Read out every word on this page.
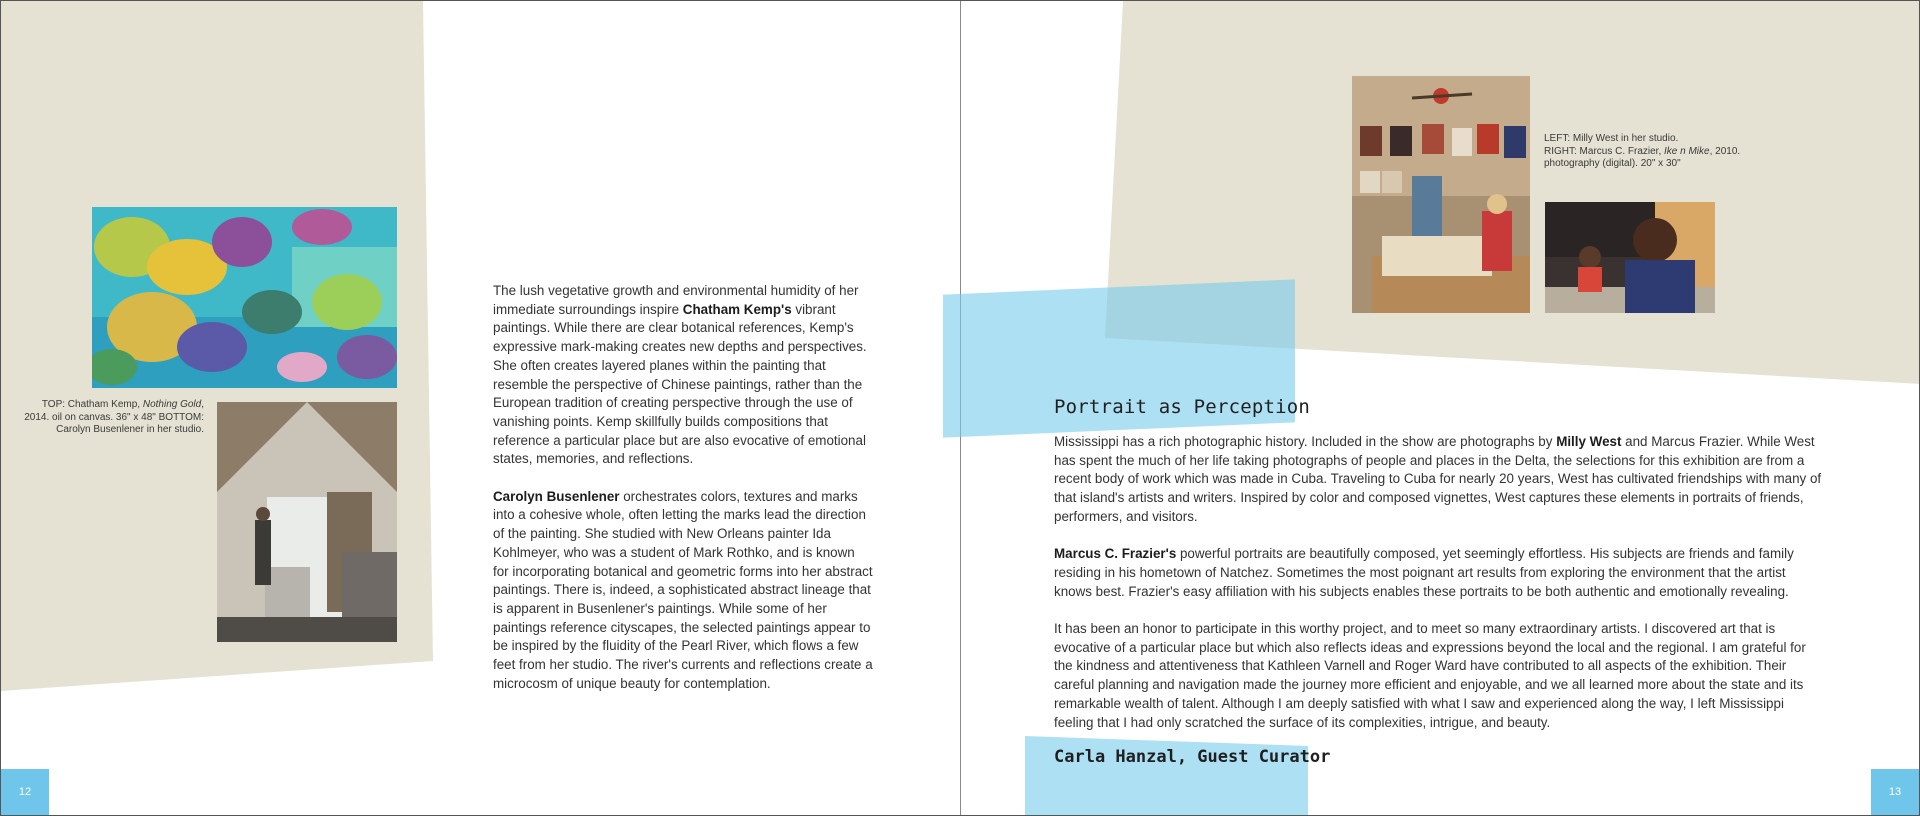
TOP: Chatham Kemp, Nothing Gold, 2014. oil on canvas. 36" x 48" BOTTOM: Carolyn Busenlener in her studio.

The lush vegetative growth and environmental humidity of her immediate surroundings inspire Chatham Kemp's vibrant paintings. While there are clear botanical references, Kemp's expressive mark-making creates new depths and perspectives. She often creates layered planes within the painting that resemble the perspective of Chinese paintings, rather than the European tradition of creating perspective through the use of vanishing points. Kemp skillfully builds compositions that reference a particular place but are also evocative of emotional states, memories, and reflections.

Carolyn Busenlener orchestrates colors, textures and marks into a cohesive whole, often letting the marks lead the direction of the painting. She studied with New Orleans painter Ida Kohlmeyer, who was a student of Mark Rothko, and is known for incorporating botanical and geometric forms into her abstract paintings. There is, indeed, a sophisticated abstract lineage that is apparent in Busenlener's paintings. While some of her paintings reference cityscapes, the selected paintings appear to be inspired by the fluidity of the Pearl River, which flows a few feet from her studio. The river's currents and reflections create a microcosm of unique beauty for contemplation.

12
LEFT: Milly West in her studio.
RIGHT: Marcus C. Frazier, Ike n Mike, 2010.
photography (digital). 20" x 30"
Portrait as Perception

Mississippi has a rich photographic history. Included in the show are photographs by Milly West and Marcus Frazier. While West has spent the much of her life taking photographs of people and places in the Delta, the selections for this exhibition are from a recent body of work which was made in Cuba. Traveling to Cuba for nearly 20 years, West has cultivated friendships with many of that island's artists and writers. Inspired by color and composed vignettes, West captures these elements in portraits of friends, performers, and visitors.

Marcus C. Frazier's powerful portraits are beautifully composed, yet seemingly effortless. His subjects are friends and family residing in his hometown of Natchez. Sometimes the most poignant art results from exploring the environment that the artist knows best. Frazier's easy affiliation with his subjects enables these portraits to be both authentic and emotionally revealing.

It has been an honor to participate in this worthy project, and to meet so many extraordinary artists. I discovered art that is evocative of a particular place but which also reflects ideas and expressions beyond the local and the regional. I am grateful for the kindness and attentiveness that Kathleen Varnell and Roger Ward have contributed to all aspects of the exhibition. Their careful planning and navigation made the journey more efficient and enjoyable, and we all learned more about the state and its remarkable wealth of talent. Although I am deeply satisfied with what I saw and experienced along the way, I left Mississippi feeling that I had only scratched the surface of its complexities, intrigue, and beauty.

Carla Hanzal, Guest Curator
13
